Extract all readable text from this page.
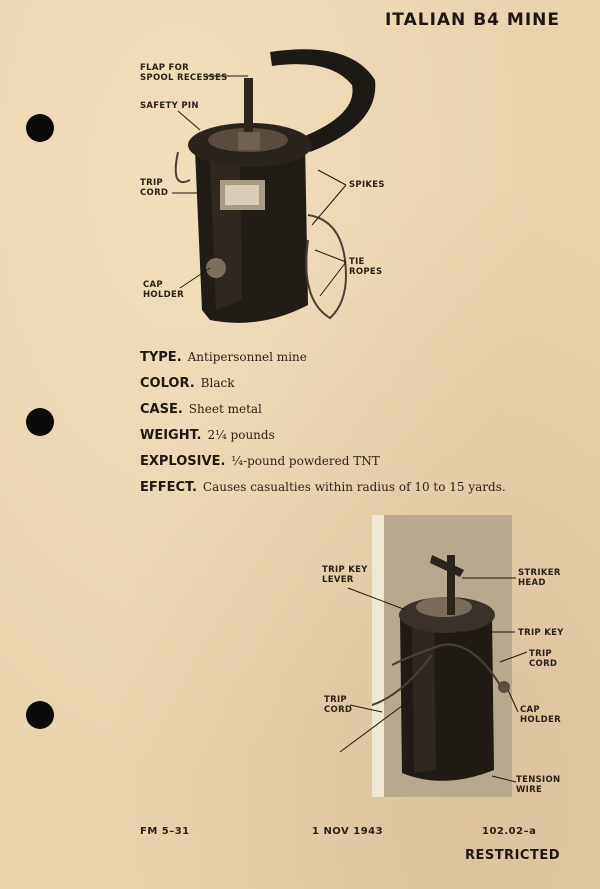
ITALIAN B4 MINE
FLAP FOR
SPOOL RECESSES
SAFETY PIN
TRIP
CORD
SPIKES
TIE
ROPES
CAP
HOLDER
TYPE. Antipersonnel mine
COLOR. Black
CASE. Sheet metal
WEIGHT. 2¼ pounds
EXPLOSIVE. ¼-pound powdered TNT
EFFECT. Causes casualties within radius of 10 to 15 yards.
TRIP KEY
LEVER
STRIKER
HEAD
TRIP KEY
TRIP
CORD
TRIP
CORD	CAP
HOLDER
TENSION
WIRE
FM 5–31	1 NOV 1943	102.02–a
RESTRICTED
